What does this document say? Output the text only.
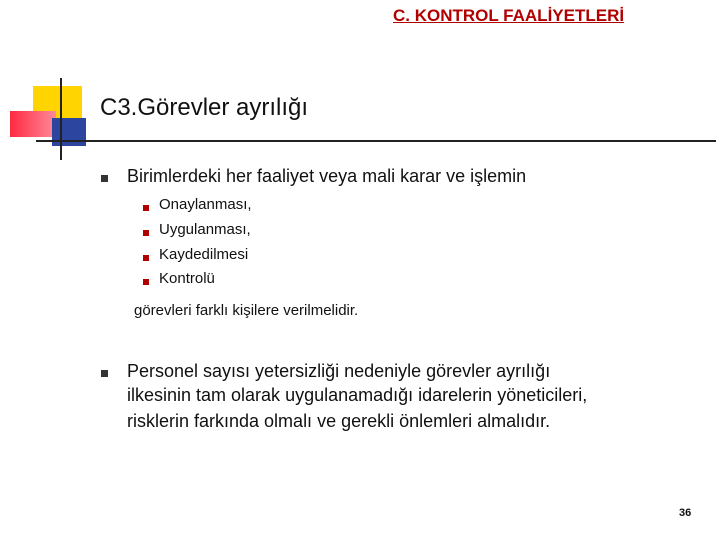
C. KONTROL FAALİYETLERİ
C3.Görevler ayrılığı
Birimlerdeki her faaliyet veya mali karar ve işlemin
Onaylanması,
Uygulanması,
Kaydedilmesi
Kontrolü
görevleri farklı kişilere verilmelidir.
Personel sayısı yetersizliği nedeniyle görevler ayrılığı
ilkesinin tam olarak uygulanamadığı idarelerin yöneticileri,
risklerin farkında olmalı ve gerekli önlemleri almalıdır.
36
